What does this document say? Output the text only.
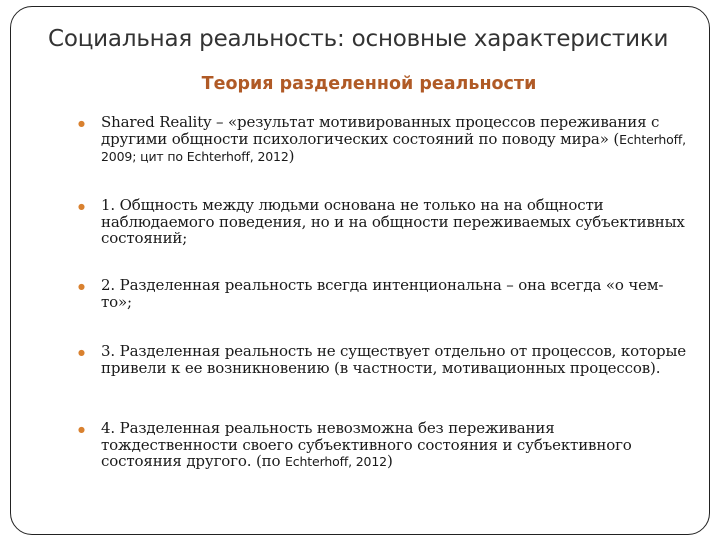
Социальная реальность: основные характеристики
Теория разделенной реальности
● Shared Reality – «результат мотивированных процессов переживания с другими общности психологических состояний по поводу мира» (Echterhoff, 2009; цит по Echterhoff, 2012)
● 1. Общность между людьми основана не только на на общности наблюдаемого поведения, но и на общности переживаемых субъективных состояний;
● 2. Разделенная реальность всегда интенциональна – она всегда «о чем-то»;
● 3. Разделенная реальность не существует отдельно от процессов, которые привели к ее возникновению (в частности, мотивационных процессов).
● 4. Разделенная реальность невозможна без переживания тождественности своего субъективного состояния и субъективного состояния другого. (по Echterhoff, 2012)
